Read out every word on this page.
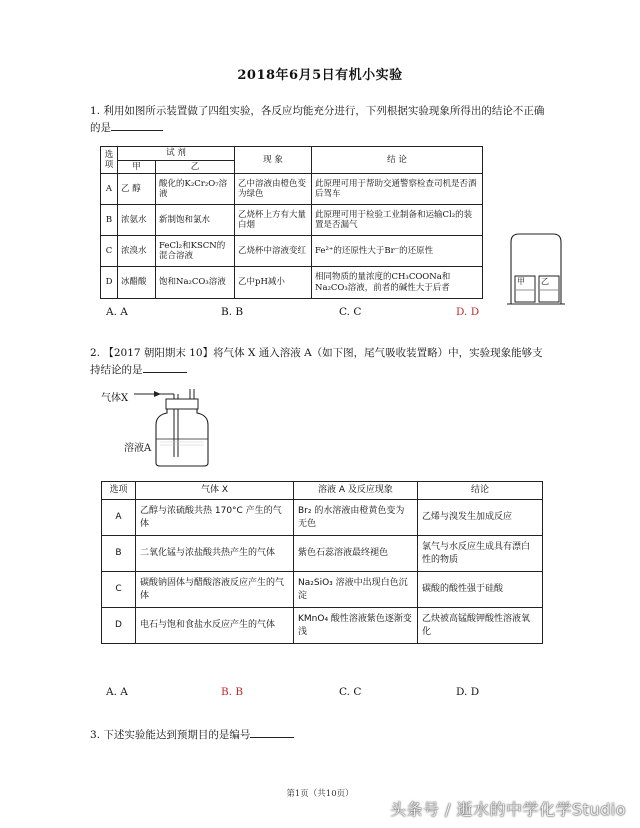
2018年6月5日有机小实验
1. 利用如图所示装置做了四组实验，各反应均能充分进行，下列根据实验现象所得出的结论不正确
的是
选项	试 剂		现 象	结 论
	甲	乙		
A	乙 醇	酸化的K₂Cr₂O₇溶液	乙中溶液由橙色变为绿色	此原理可用于帮助交通警察检查司机是否酒后驾车
B	浓氨水	新制饱和氯水	乙烧杯上方有大量白烟	此原理可用于检验工业制备和运输Cl₂的装置是否漏气
C	浓溴水	FeCl₂和KSCN的混合溶液	乙烧杯中溶液变红	Fe²⁺的还原性大于Br⁻的还原性
D	冰醋酸	饱和Na₂CO₃溶液	乙中pH减小	相同物质的量浓度的CH₃COONa和Na₂CO₃溶液，前者的碱性大于后者
甲 乙
A. A	B. B	C. C	D. D
2. 【2017 朝阳期末 10】将气体 X 通入溶液 A（如下图，尾气吸收装置略）中，实验现象能够支
持结论的是
气体X
溶液A
选项	气体 X	溶液 A 及反应现象	结论
A	乙醇与浓硫酸共热 170°C 产生的气体	Br₂ 的水溶液由橙黄色变为无色	乙烯与溴发生加成反应
B	二氧化锰与浓盐酸共热产生的气体	紫色石蕊溶液最终褪色	氯气与水反应生成具有漂白性的物质
C	碳酸钠固体与醋酸溶液反应产生的气体	Na₂SiO₃ 溶液中出现白色沉淀	碳酸的酸性强于硅酸
D	电石与饱和食盐水反应产生的气体	KMnO₄ 酸性溶液紫色逐渐变浅	乙炔被高锰酸钾酸性溶液氧化
A. A	B. B	C. C	D. D
3. 下述实验能达到预期目的是编号
第1页（共10页）
头条号 / 逝水的中学化学Studio
